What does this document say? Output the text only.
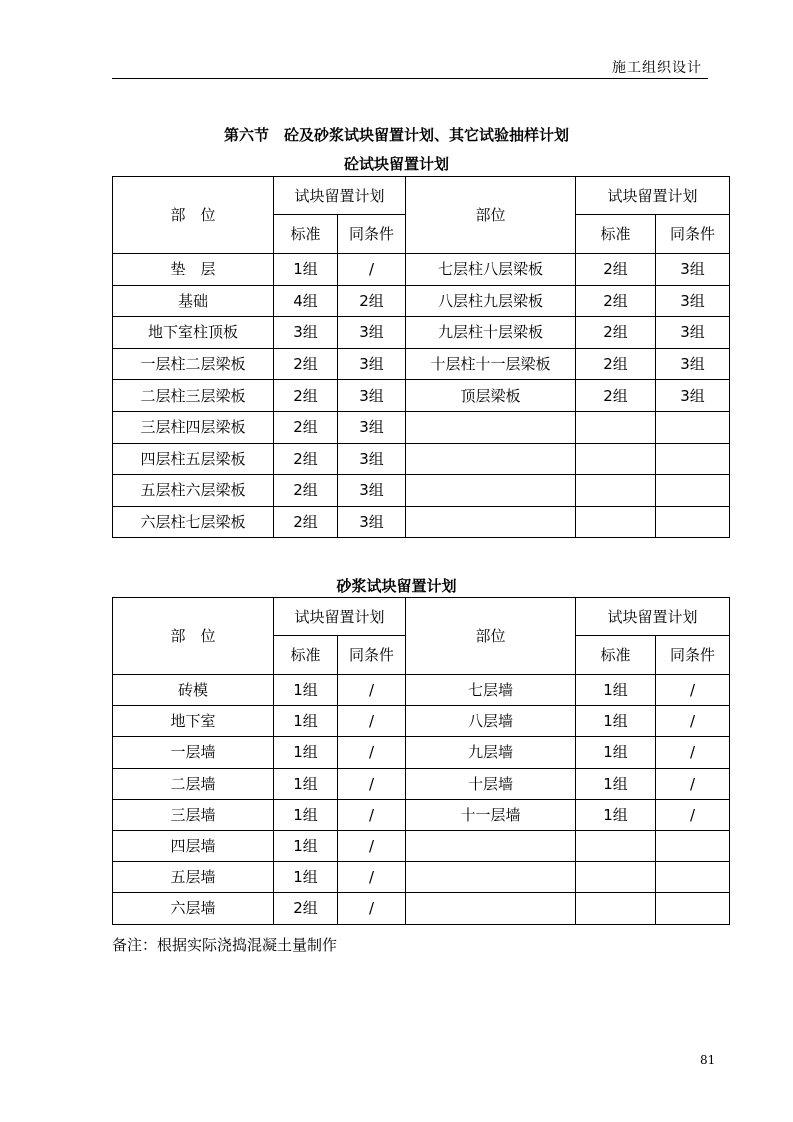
施工组织设计
第六节　砼及砂浆试块留置计划、其它试验抽样计划
砼试块留置计划
部　位	试块留置计划		部位	试块留置计划	
	标准	同条件		标准	同条件
垫　层	1组	/	七层柱八层梁板	2组	3组
基础	4组	2组	八层柱九层梁板	2组	3组
地下室柱顶板	3组	3组	九层柱十层梁板	2组	3组
一层柱二层梁板	2组	3组	十层柱十一层梁板	2组	3组
二层柱三层梁板	2组	3组	顶层梁板	2组	3组
三层柱四层梁板	2组	3组			
四层柱五层梁板	2组	3组			
五层柱六层梁板	2组	3组			
六层柱七层梁板	2组	3组			
砂浆试块留置计划
部　位	试块留置计划		部位	试块留置计划	
	标准	同条件		标准	同条件
砖模	1组	/	七层墙	1组	/
地下室	1组	/	八层墙	1组	/
一层墙	1组	/	九层墙	1组	/
二层墙	1组	/	十层墙	1组	/
三层墙	1组	/	十一层墙	1组	/
四层墙	1组	/			
五层墙	1组	/			
六层墙	2组	/			
备注：根据实际浇捣混凝土量制作
81
